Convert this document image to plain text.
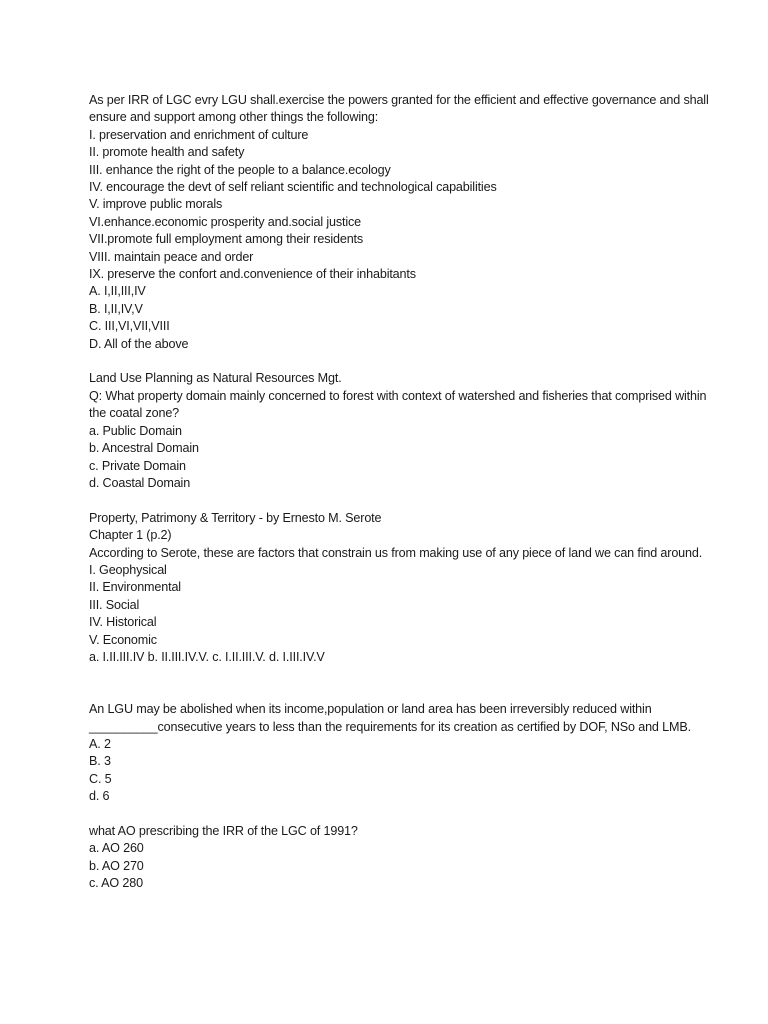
As per IRR of LGC evry LGU shall.exercise the powers granted for the efficient and effective governance and shall ensure and support among other things the following:
I. preservation and enrichment of culture
II. promote health and safety
III. enhance the right of the people to a balance.ecology
IV. encourage the devt of self reliant scientific and technological capabilities
V. improve public morals
VI.enhance.economic prosperity and.social justice
VII.promote full employment among their residents
VIII. maintain peace and order
IX. preserve the confort and.convenience of their inhabitants
A. I,II,III,IV
B. I,II,IV,V
C. III,VI,VII,VIII
D. All of the above
Land Use Planning as Natural Resources Mgt.
Q: What property domain mainly concerned to forest with context of watershed and fisheries that comprised within the coatal zone?
a. Public Domain
b. Ancestral Domain
c. Private Domain
d. Coastal Domain
Property, Patrimony & Territory - by Ernesto M. Serote
Chapter 1 (p.2)
According to Serote, these are factors that constrain us from making use of any piece of land we can find around.
I. Geophysical
II. Environmental
III. Social
IV. Historical
V. Economic
a. I.II.III.IV b. II.III.IV.V. c. I.II.III.V. d. I.III.IV.V
An LGU may be abolished when its income,population or land area has been irreversibly reduced within __________consecutive years to less than the requirements for its creation as certified by DOF, NSo and LMB.
A. 2
B. 3
C. 5
d. 6
what AO prescribing the IRR of the LGC of 1991?
a. AO 260
b. AO 270
c. AO 280
